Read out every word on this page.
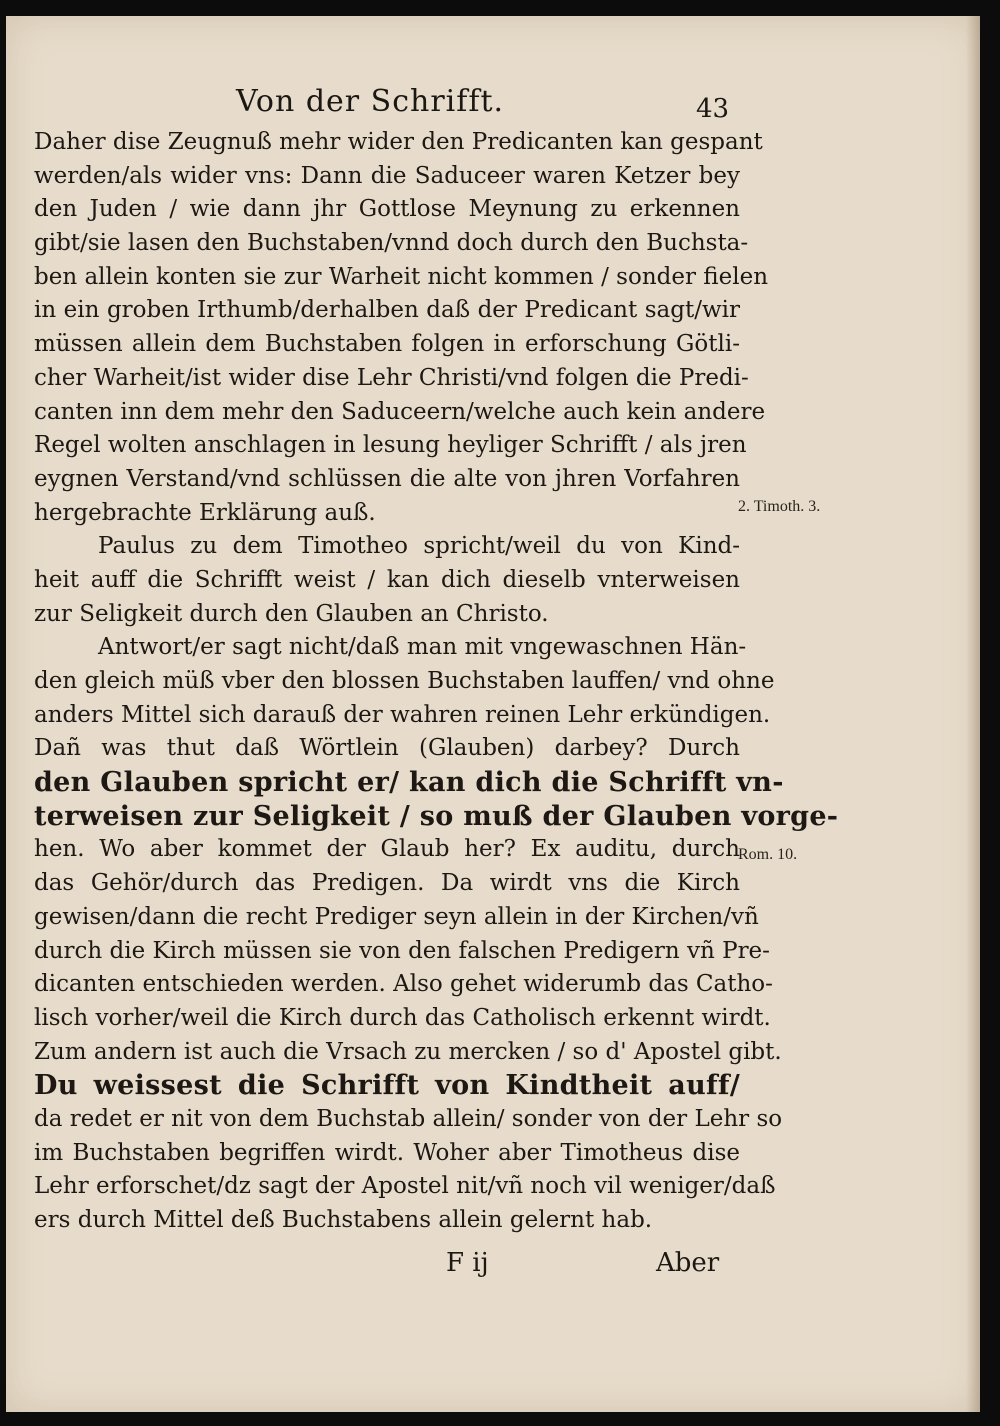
Von der Schrifft.	43
Daher dise Zeugnuß mehr wider den Predicanten kan gespant
werden/als wider vns: Dann die Saduceer waren Ketzer bey
den Juden / wie dann jhr Gottlose Meynung zu erkennen
gibt/sie lasen den Buchstaben/vnnd doch durch den Buchsta-
ben allein konten sie zur Warheit nicht kommen / sonder fielen
in ein groben Irthumb/derhalben daß der Predicant sagt/wir
müssen allein dem Buchstaben folgen in erforschung Götli-
cher Warheit/ist wider dise Lehr Christi/vnd folgen die Predi-
canten inn dem mehr den Saduceern/welche auch kein andere
Regel wolten anschlagen in lesung heyliger Schrifft / als jren
eygnen Verstand/vnd schlüssen die alte von jhren Vorfahren
hergebrachte Erklärung auß.
Paulus zu dem Timotheo spricht/weil du von Kind-
heit auff die Schrifft weist / kan dich dieselb vnterweisen
zur Seligkeit durch den Glauben an Christo.
Antwort/er sagt nicht/daß man mit vngewaschnen Hän-
den gleich müß vber den blossen Buchstaben lauffen/ vnd ohne
anders Mittel sich darauß der wahren reinen Lehr erkündigen.
Dañ was thut daß Wörtlein (Glauben) darbey? Durch
den Glauben spricht er/ kan dich die Schrifft vn-
terweisen zur Seligkeit / so muß der Glauben vorge-
hen. Wo aber kommet der Glaub her? Ex auditu, durch
das Gehör/durch das Predigen. Da wirdt vns die Kirch
gewisen/dann die recht Prediger seyn allein in der Kirchen/vñ
durch die Kirch müssen sie von den falschen Predigern vñ Pre-
dicanten entschieden werden. Also gehet widerumb das Catho-
lisch vorher/weil die Kirch durch das Catholisch erkennt wirdt.
Zum andern ist auch die Vrsach zu mercken / so d' Apostel gibt.
Du weissest die Schrifft von Kindtheit auff/
da redet er nit von dem Buchstab allein/ sonder von der Lehr so
im Buchstaben begriffen wirdt. Woher aber Timotheus dise
Lehr erforschet/dz sagt der Apostel nit/vñ noch vil weniger/daß
ers durch Mittel deß Buchstabens allein gelernt hab.
2. Timoth. 3.
Rom. 10.
F ij	Aber
